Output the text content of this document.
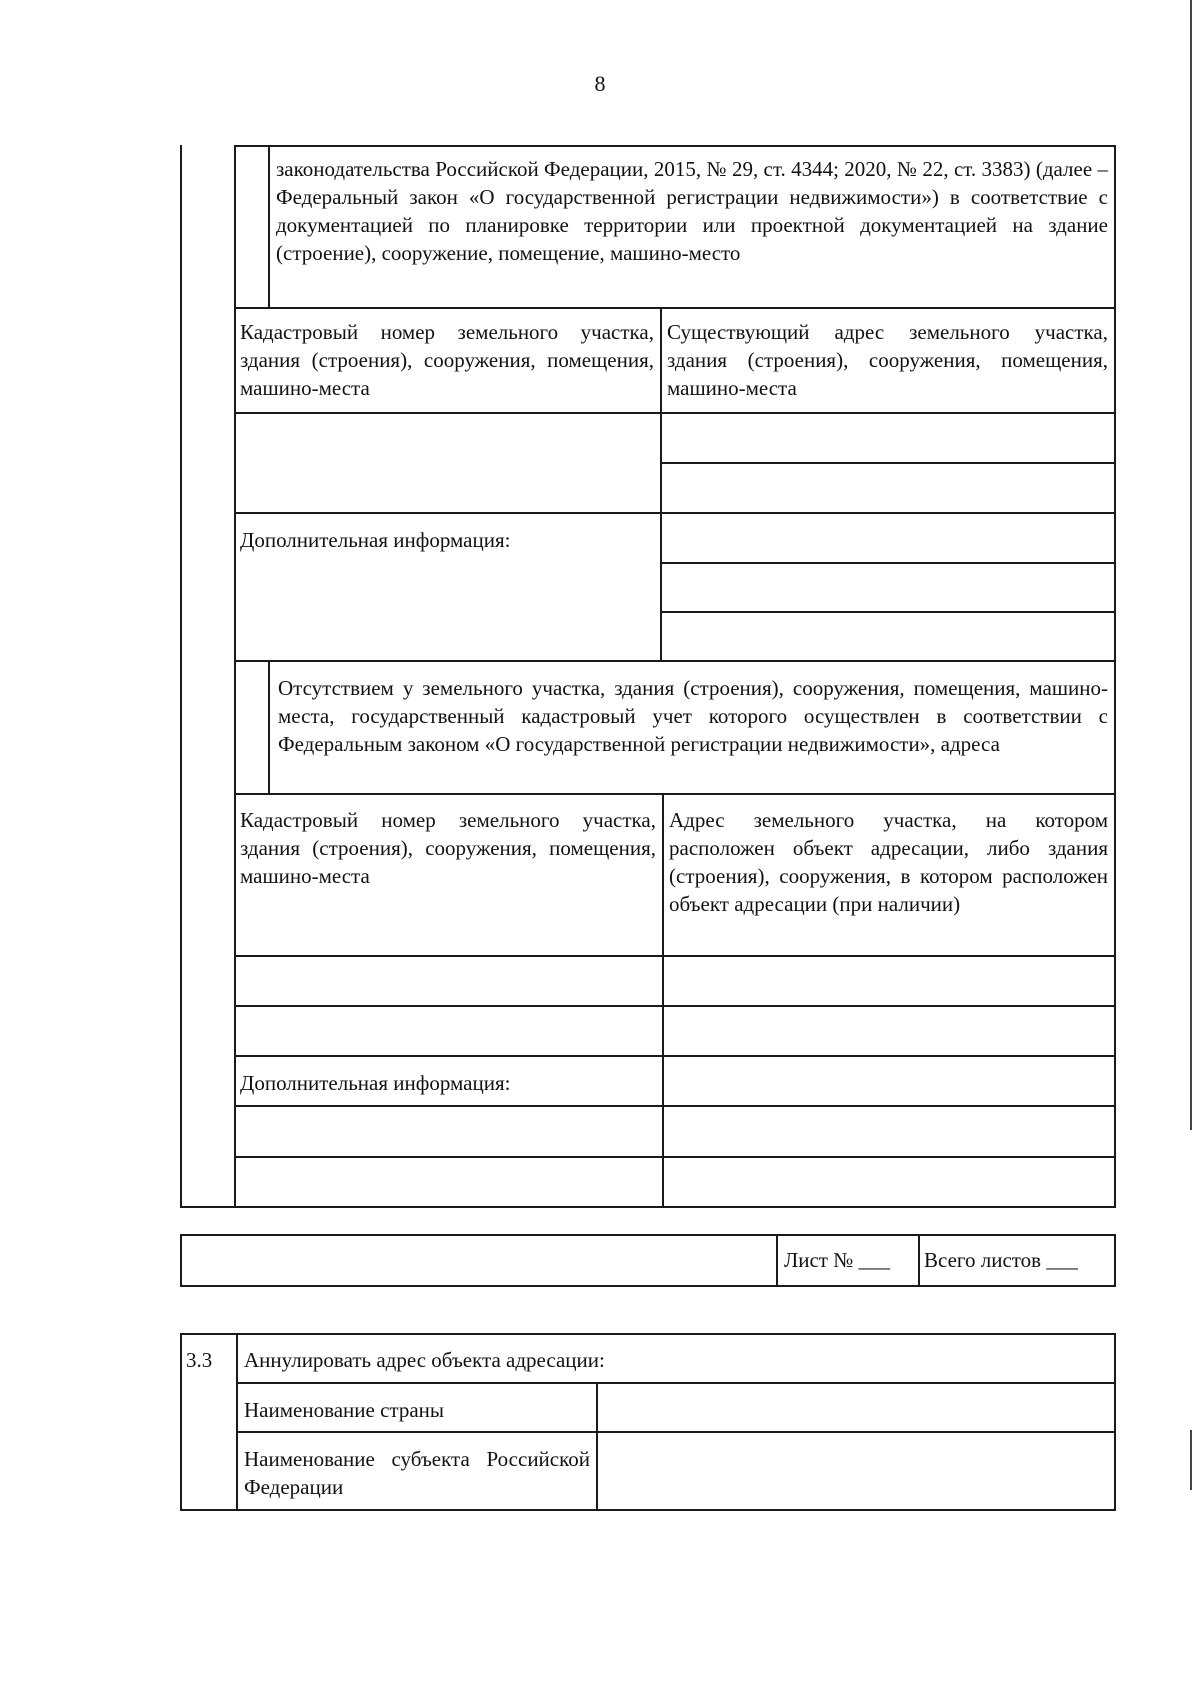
8
законодательства Российской Федерации, 2015, № 29, ст. 4344; 2020, № 22, ст. 3383) (далее – Федеральный закон «О государственной регистрации недвижимости») в соответствие с документацией по планировке территории или проектной документацией на здание (строение), сооружение, помещение, машино-место
Кадастровый номер земельного участка, здания (строения), сооружения, помещения, машино-места
Существующий адрес земельного участка, здания (строения), сооружения, помещения, машино-места
Дополнительная информация:
Отсутствием у земельного участка, здания (строения), сооружения, помещения, машино-места, государственный кадастровый учет которого осуществлен в соответствии с Федеральным законом «О государственной регистрации недвижимости», адреса
Кадастровый номер земельного участка, здания (строения), сооружения, помещения, машино-места
Адрес земельного участка, на котором расположен объект адресации, либо здания (строения), сооружения, в котором расположен объект адресации (при наличии)
Дополнительная информация:
Лист № ___ Всего листов ___
3.3 Аннулировать адрес объекта адресации:
Наименование страны
Наименование субъекта Российской Федерации
